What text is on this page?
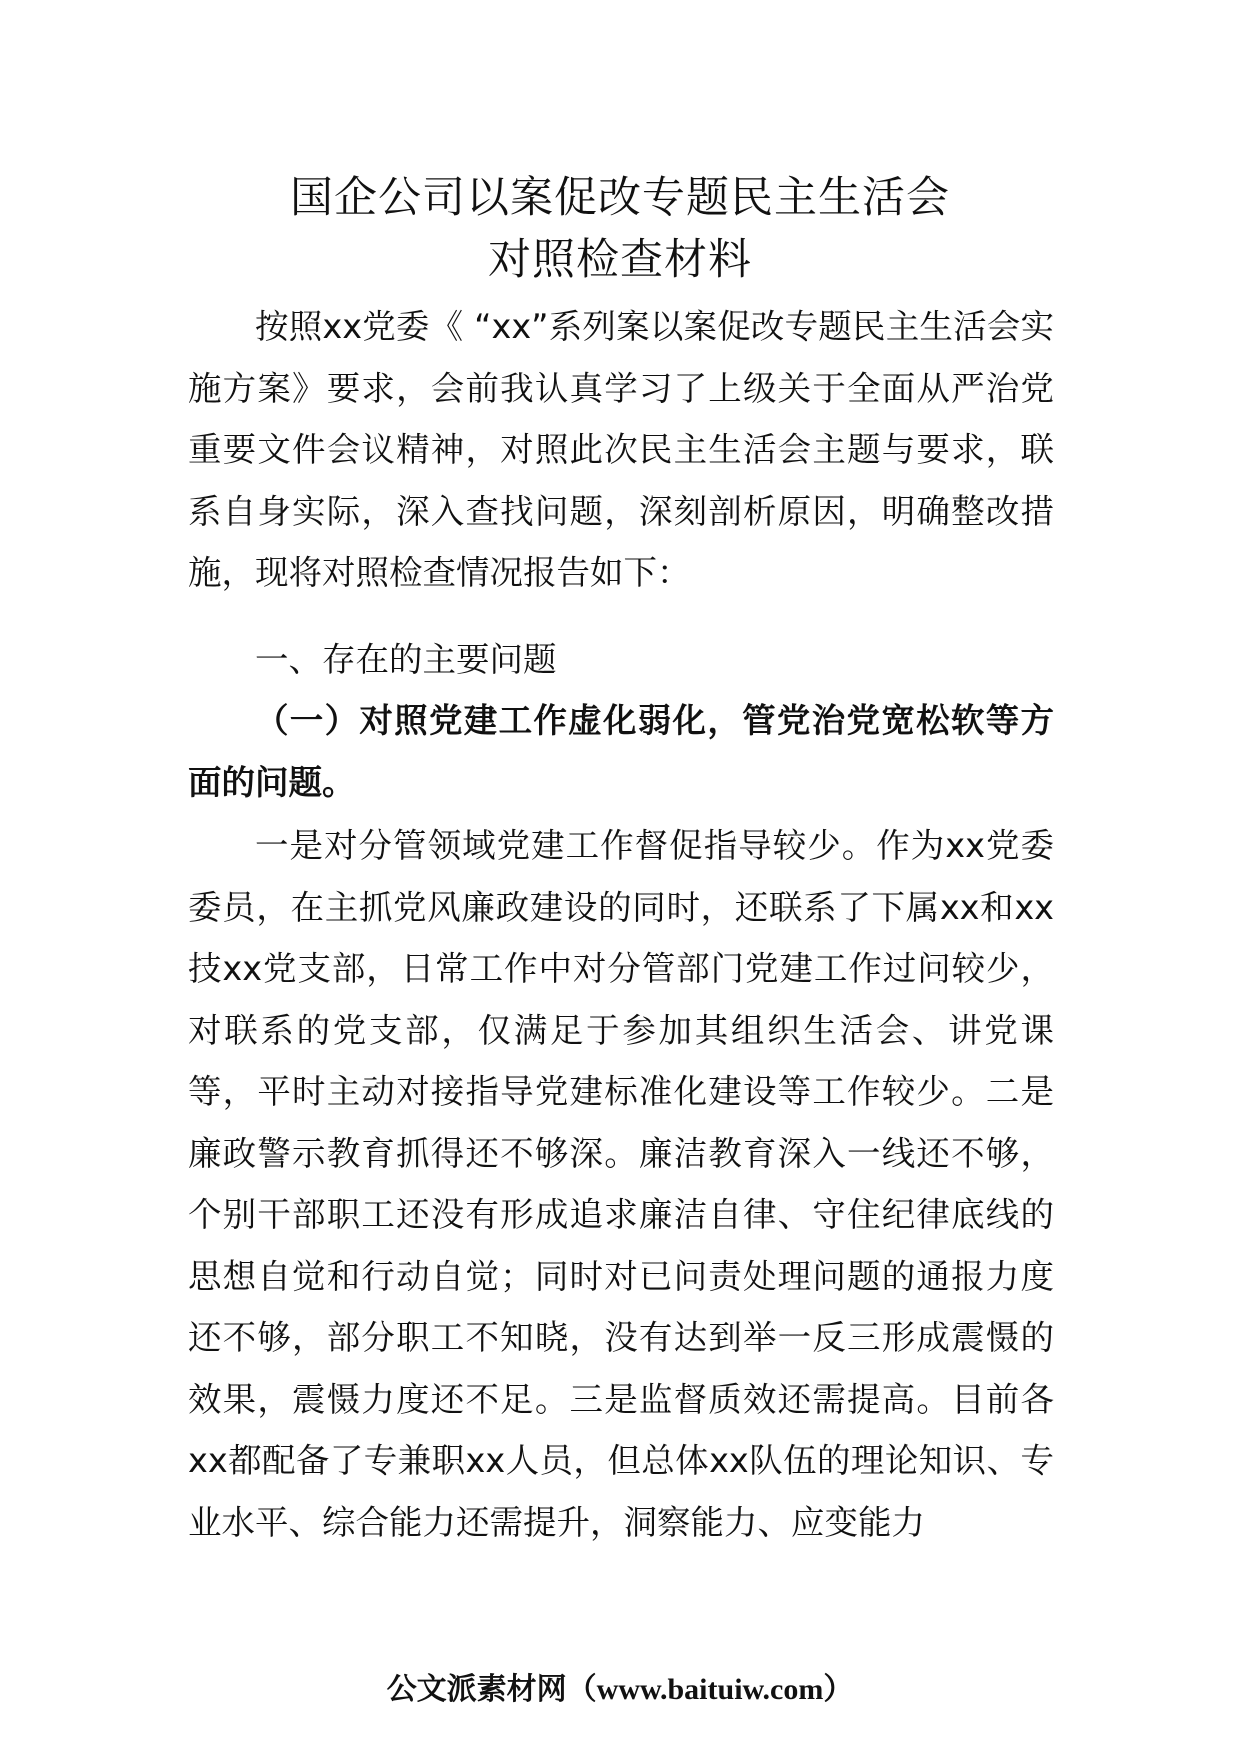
国企公司以案促改专题民主生活会
对照检查材料

按照xx党委《 “xx”系列案以案促改专题民主生活会实施方案》要求，会前我认真学习了上级关于全面从严治党重要文件会议精神，对照此次民主生活会主题与要求，联系自身实际，深入查找问题，深刻剖析原因，明确整改措施，现将对照检查情况报告如下：

一、存在的主要问题

（一）对照党建工作虚化弱化，管党治党宽松软等方面的问题。

一是对分管领域党建工作督促指导较少。作为xx党委委员，在主抓党风廉政建设的同时，还联系了下属xx和xx技xx党支部，日常工作中对分管部门党建工作过问较少，对联系的党支部，仅满足于参加其组织生活会、讲党课等，平时主动对接指导党建标准化建设等工作较少。二是廉政警示教育抓得还不够深。廉洁教育深入一线还不够，个别干部职工还没有形成追求廉洁自律、守住纪律底线的思想自觉和行动自觉；同时对已问责处理问题的通报力度还不够，部分职工不知晓，没有达到举一反三形成震慑的效果，震慑力度还不足。三是监督质效还需提高。目前各xx都配备了专兼职xx人员，但总体xx队伍的理论知识、专业水平、综合能力还需提升，洞察能力、应变能力

公文派素材网（www.baituiw.com）
